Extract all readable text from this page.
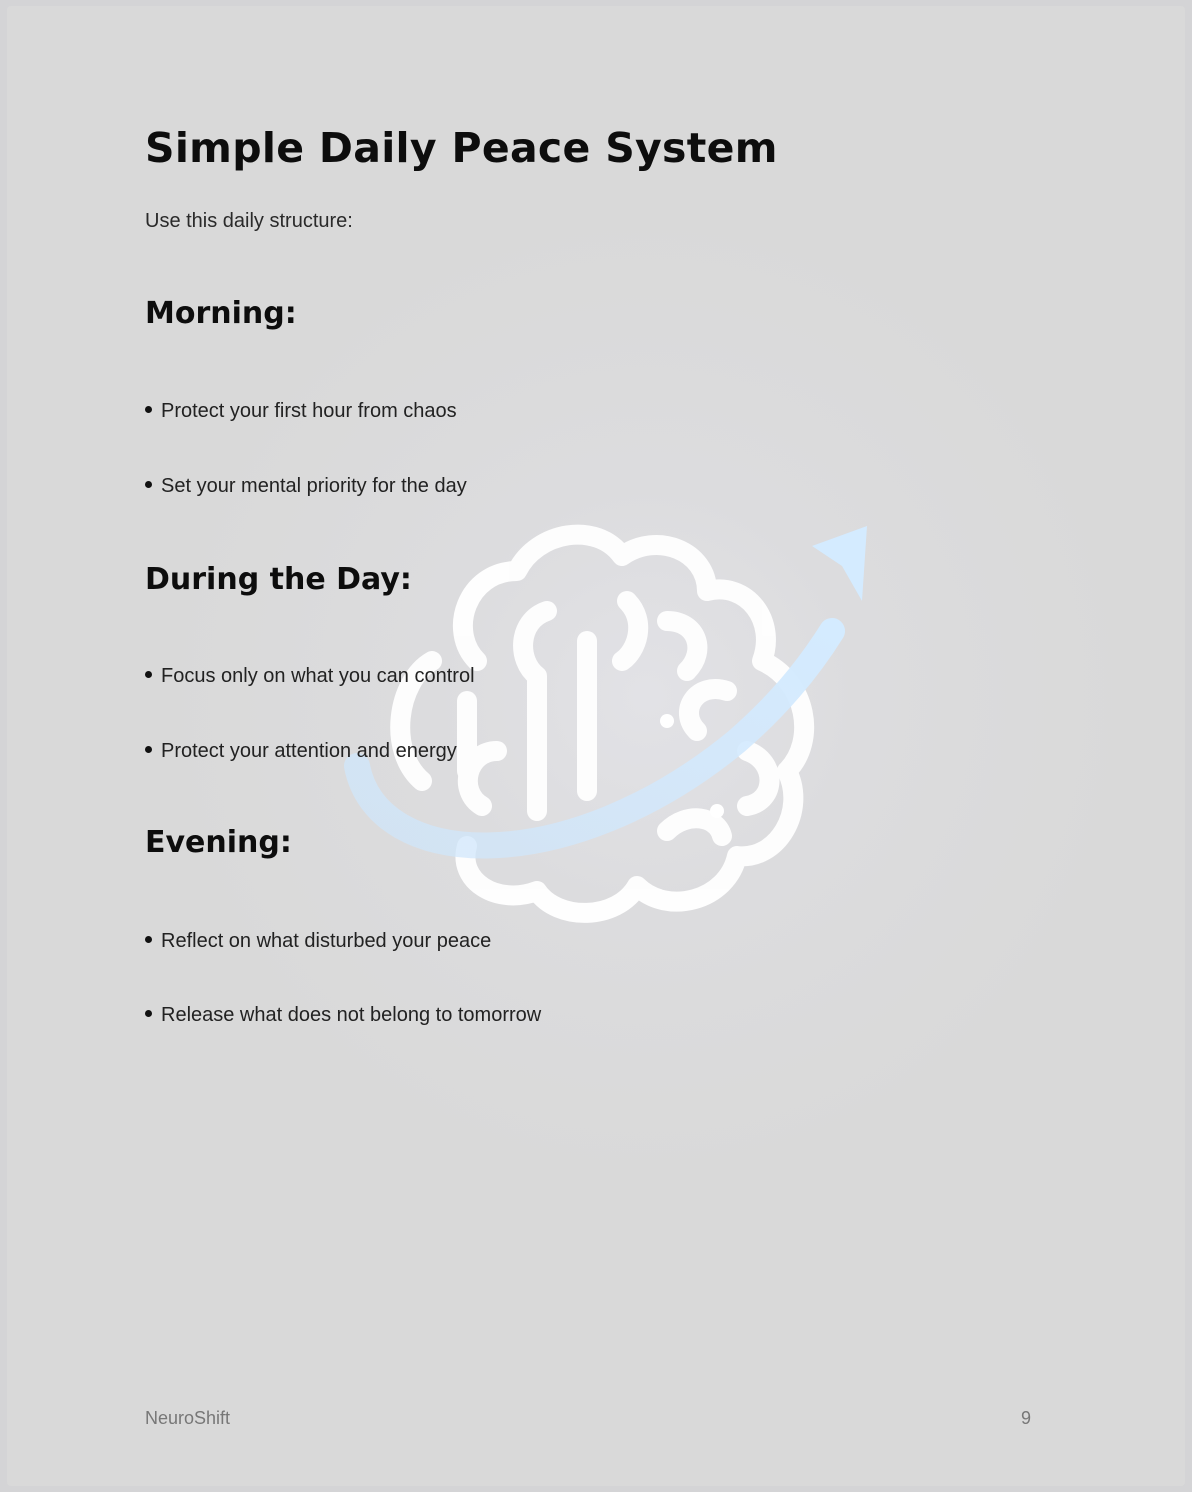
Simple Daily Peace System
Use this daily structure:
Morning:
Protect your first hour from chaos
Set your mental priority for the day
During the Day:
Focus only on what you can control
Protect your attention and energy
Evening:
Reflect on what disturbed your peace
Release what does not belong to tomorrow
NeuroShift	9
